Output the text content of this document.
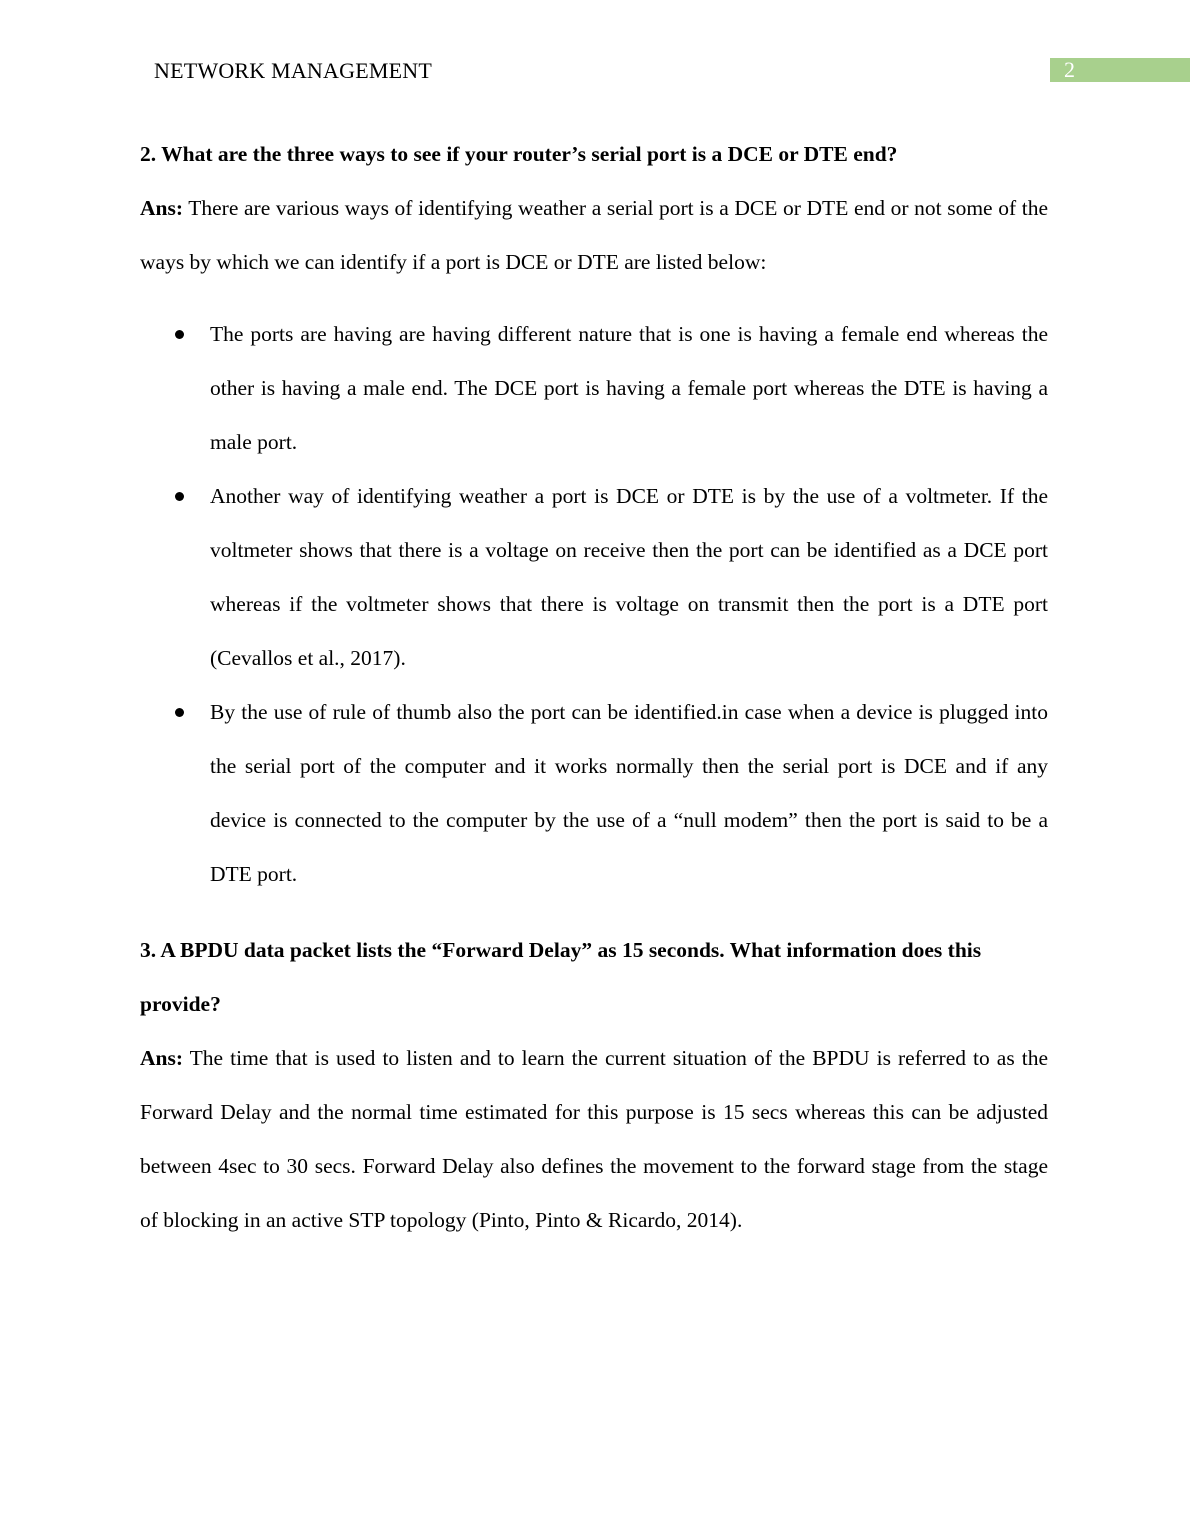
NETWORK MANAGEMENT	2

2. What are the three ways to see if your router’s serial port is a DCE or DTE end?

Ans: There are various ways of identifying weather a serial port is a DCE or DTE end or not some of the ways by which we can identify if a port is DCE or DTE are listed below:

The ports are having are having different nature that is one is having a female end whereas the other is having a male end. The DCE port is having a female port whereas the DTE is having a male port.
Another way of identifying weather a port is DCE or DTE is by the use of a voltmeter. If the voltmeter shows that there is a voltage on receive then the port can be identified as a DCE port whereas if the voltmeter shows that there is voltage on transmit then the port is a DTE port (Cevallos et al., 2017).
By the use of rule of thumb also the port can be identified.in case when a device is plugged into the serial port of the computer and it works normally then the serial port is DCE and if any device is connected to the computer by the use of a “null modem” then the port is said to be a DTE port.

3. A BPDU data packet lists the “Forward Delay” as 15 seconds. What information does this provide?

Ans: The time that is used to listen and to learn the current situation of the BPDU is referred to as the Forward Delay and the normal time estimated for this purpose is 15 secs whereas this can be adjusted between 4sec to 30 secs. Forward Delay also defines the movement to the forward stage from the stage of blocking in an active STP topology (Pinto, Pinto & Ricardo, 2014).
